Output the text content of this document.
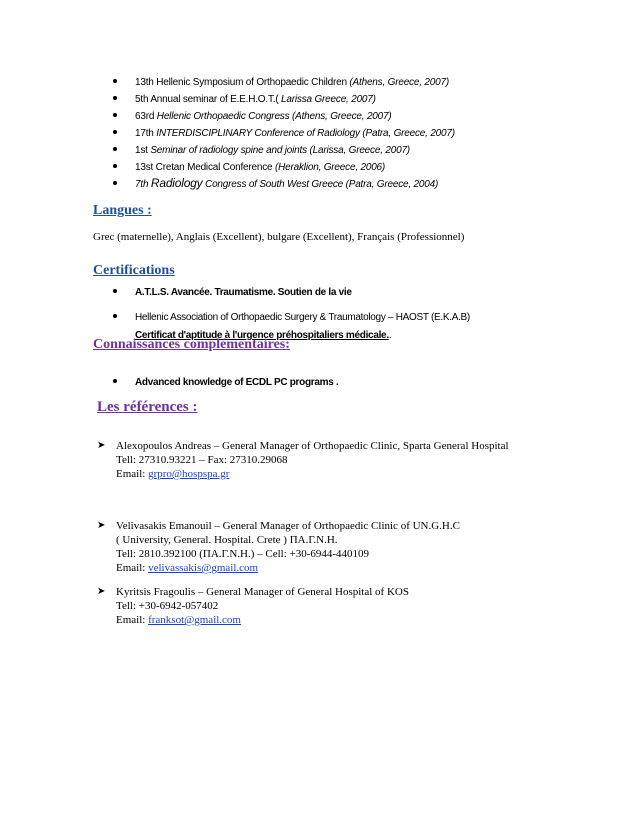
13th Hellenic Symposium of Orthopaedic Children (Athens, Greece, 2007)
5th Annual seminar of E.E.H.O.T.( Larissa Greece, 2007)
63rd Hellenic Orthopaedic Congress (Athens, Greece, 2007)
17th INTERDISCIPLINARY Conference of Radiology (Patra, Greece, 2007)
1st Seminar of radiology spine and joints (Larissa, Greece, 2007)
13st Cretan Medical Conference (Heraklion, Greece, 2006)
7th Radiology Congress of South West Greece (Patra, Greece, 2004)
Langues :
Grec (maternelle), Anglais (Excellent), bulgare (Excellent), Français (Professionnel)
Certifications
A.T.L.S. Avancée. Traumatisme. Soutien de la vie
Hellenic Association of Orthopaedic Surgery & Traumatology – HAOST (E.K.A.B)
Certificat d'aptitude à l'urgence préhospitaliers médicale..
Connaissances complémentaires:
Advanced knowledge of ECDL PC programs .
Les références :
➤ Alexopoulos Andreas – General Manager of Orthopaedic Clinic, Sparta General Hospital
Tell: 27310.93221 – Fax: 27310.29068
Email: grpro@hospspa.gr
➤ Velivasakis Emanouil – General Manager of Orthopaedic Clinic of UN.G.H.C
( University, General. Hospital. Crete ) ΠΑ.Γ.Ν.Η.
Tell: 2810.392100 (ΠΑ.Γ.Ν.Η.) – Cell: +30-6944-440109
Email: velivassakis@gmail.com
➤ Kyritsis Fragoulis – General Manager of General Hospital of KOS
Tell: +30-6942-057402
Email: franksot@gmail.com
